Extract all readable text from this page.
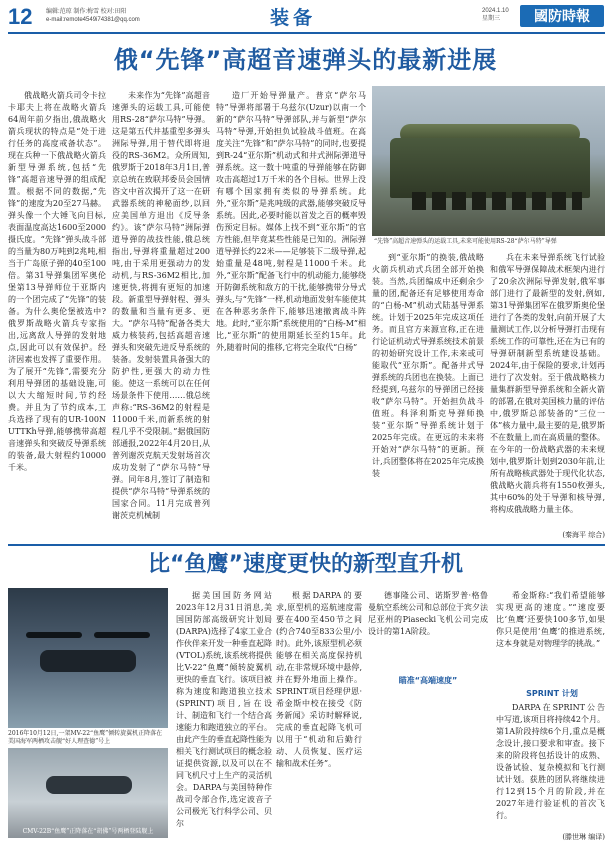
12 编辑:范琼 制作:梅雪 校对:田阳
e-mail:remote4549i74381@qq.com	装备	2024.1.10
星期三	國防時報
俄“先锋”高超音速弹头的最新进展

俄战略火箭兵司令卡拉卡耶夫上将在战略火箭兵64周年前夕指出,俄战略火箭兵现状的特点是“处于进行任务的高度戒备状态”。现在兵种一下俄战略火箭兵新型导弹系统,包括“先锋”高超音速导弹的组成配置。根据不同的数据,“先锋”的速度为20至27马赫。弹头像一个大锤飞向目标,表面温度高达1600至2000摄氏度。“先锋”弹头战斗部的当量为80万吨到2兆吨,相当于广岛原子弹的40至100倍。第31导弹集团军奥伦堡第13导弹师位于亚斯内的一个团完成了“先锋”的装备。为什么奥伦堡被选中?俄罗斯战略火箭兵专家指出,远离敌人导弹的发射地点,因此可以有效保护。经济因素也发挥了重要作用。为了展开“先锋”,需要充分利用导弹团的基础设施,可以大大缩短时间,节约经费。并且为了节约成本,工兵选择了现有的UR-100N UTTKh导弹,能够携带高超音速弹头和突破反导弹系统的装备,最大射程约10000千米。

未来作为“先锋”高超音速弹头的运载工具,可能使用RS-28“萨尔马特”导弹。这是第五代井基重型多弹头洲际导弹,用于替代即将退役的RS-36M2。众所周知,俄罗斯于2018年3月1日,普京总统在致联邦委员会国情咨文中首次揭开了这一在研武器系统的神秘面纱,以回应美国单方退出《反导条约》。该“萨尔马特”洲际弹道导弹的战技性能,俄总统指出,导弹将重量超过200吨,由于采用更强动力的发动机,与RS-36M2相比,加速更快,将拥有更短的加速段。新重型导弹射程、弹头的数量和当量有更多、更大。“萨尔马特”配备各类大威力核装药,包括高超音速弹头和突破先进反导系统的装备。发射装置具备强大的防护性,更强大的动力性能。使这一系统可以在任何场景条件下使用……俄总统声称:“RS-36M2的射程是11000千米,而新系统的射程几乎不受限制。”据俄国防部通报,2022年4月20日,从普列谢茨克航天发射场首次成功发射了“萨尔马特”导弹。同年8月,签订了制造和提供“萨尔马特”导弹系统的国家合同。11月完成普列谢茨克机械制

造厂开始导弹量产。普京“萨尔马特”导弹将部署于乌兹尔(Uzur)以南一个新的“萨尔马特”导弹部队,并与新型“萨尔马特”导弹,开始担负试验战斗值班。在高度关注“先锋”和“萨尔马特”的同时,也要提到R-24“亚尔斯”机动式和井式洲际弹道导弹系统。这一数十吨重的导弹能够在防御攻击高超过1万千米的各个目标。世界上没有哪个国家拥有类似的导弹系统。此外,“亚尔斯”是兆吨级的武器,能够突破反导系统。因此,必要时能以首发之百的概率毁伤预定目标。媒体上找不到“亚尔斯”的官方性能,但毕竟某些性能是已知的。洲际弹道导弹长约22米——足够装下二级导弹,起始重量是48吨,射程是11000千米。此外,“亚尔斯”配备飞行中的机动能力,能够绕开防御系统和敌方的干扰,能够携带分导式弹头,与“先锋”一样,机动地面发射车能使其在各种恶劣条件下,能够迅速撤离战斗阵地。此时,“亚尔斯”系统使用的“白杨-M”相比,“亚尔斯”的使用期延长至约15年。此外,随着时间的推移,它将完全取代“白杨”

“先锋”高超音速弹头的运载工具,未来可能使用RS-28“萨尔马特”导弹

到“亚尔斯”的换装,俄战略火箭兵机动式兵团全部开始换装。当然,兵团编成中还剩余少量的团,配备还有足够使用寿命的“白杨-M”机动式陆基导弹系统。计划于2025年完成这项任务。而且官方来源宣称,正在进行论证机动式导弹系统技术前景的初始研究设计工作,未来或可能取代“亚尔斯”。配备井式导弹系统的兵团也在换装。上面已经提到,乌兹尔的导弹团已经接收“萨尔马特”。开始担负战斗值班。科泽利斯克导弹师换装“亚尔斯”导弹系统计划于2025年完成。在更远的未来将开始对“萨尔马特”的更新。预计,兵团整体将在2025年完成换装

兵在未来导弹系统飞行试验和俄军导弹保障战术框架内进行了20余次洲际导弹发射,俄军事部门进行了最新型的发射,例如,第31导弹集团军在俄罗斯奥伦堡进行了各类的发射,向前开展了大量测试工作,以分析导弹打击现有系统工作的可靠性,还在为已有的导弹研制新型系统建设基础。2024年,由于保险的要求,计划再进行了次发射。至于俄战略核力量集群新型导弹系统和全新火箭的部署,在俄对美国核力量的评估中,俄罗斯总部装备的“三位一体”核力量中,最主要的是,俄罗斯不在数量上,而在高质量的整体。在今年的一份战略武器的未来规划中,俄罗斯计划到2030年前,让所有战略核武器处于现代化状态,俄战略火箭兵将有1550枚弹头,其中60%的处于导弹和核导弹,将构成俄战略力量主体。

(秦海平 综合)
比“鱼鹰”速度更快的新型直升机
2016年10月12日,一架MV-22“鱼鹰”倾转旋翼机正降落在美国海军两栖攻击舰“好人理查德”号上
CMV-22B“鱼鹰”正降落在“胡佛”号两栖登陆舰上

据美国国防务网站2023年12月31日消息,美国国防部高级研究计划局(DARPA)选择了4家工业合作伙伴来开发一种垂直起降(VTOL)系统,该系统将提供比V-22“鱼鹰”倾转旋翼机更快的垂直飞行。该项目被称为速度和跑道独立技术(SPRINT)项目,旨在设计、制造和飞行一个结合高速能力和跑道独立的平台。由此产生的垂直起降性能为相关飞行测试项目的概念验证提供资源,以及可以在不同飞机尺寸上生产的灵活机会。DARPA与美国特种作战司令部合作,选定波音子公司极光飞行科学公司、贝尔

德事隆公司、诺斯罗普·格鲁曼航空系统公司和总部位于宾夕法尼亚州的Piasecki飞机公司完成设计的第1A阶段。

瞄准“高端速度”

根据DARPA的要求,原型机的巡航速度需要在400至450节之间(约合740至833公里/小时)。此外,该原型机必须能够在相关高度保持机动,在非常规环境中悬停,并在野外地面上操作。SPRINT项目经理伊恩·希金斯中校在接受《防务新闻》采访时解释说,完成的垂直起降飞机可以用于“机动和后勤行动、人员恢复、医疗运输和战术任务”。

希金斯称:“我们希望能够实现更高的速度。”“速度要比‘鱼鹰’还要快100多节,如果你只是使用‘鱼鹰’的推进系统,这本身就是对物理学的挑战。”

SPRINT 计划

DARPA在SPRINT公告中写道,该项目将持续42个月。第1A阶段持续6个月,重点是概念设计,接口要求和审查。接下来的阶段将包括设计的成熟、设备试验、复杂模拟和飞行测试计划。获胜的团队将继续进行12到15个月的阶段,并在2027年进行验证机的首次飞行。

(滕世琳 编译)
